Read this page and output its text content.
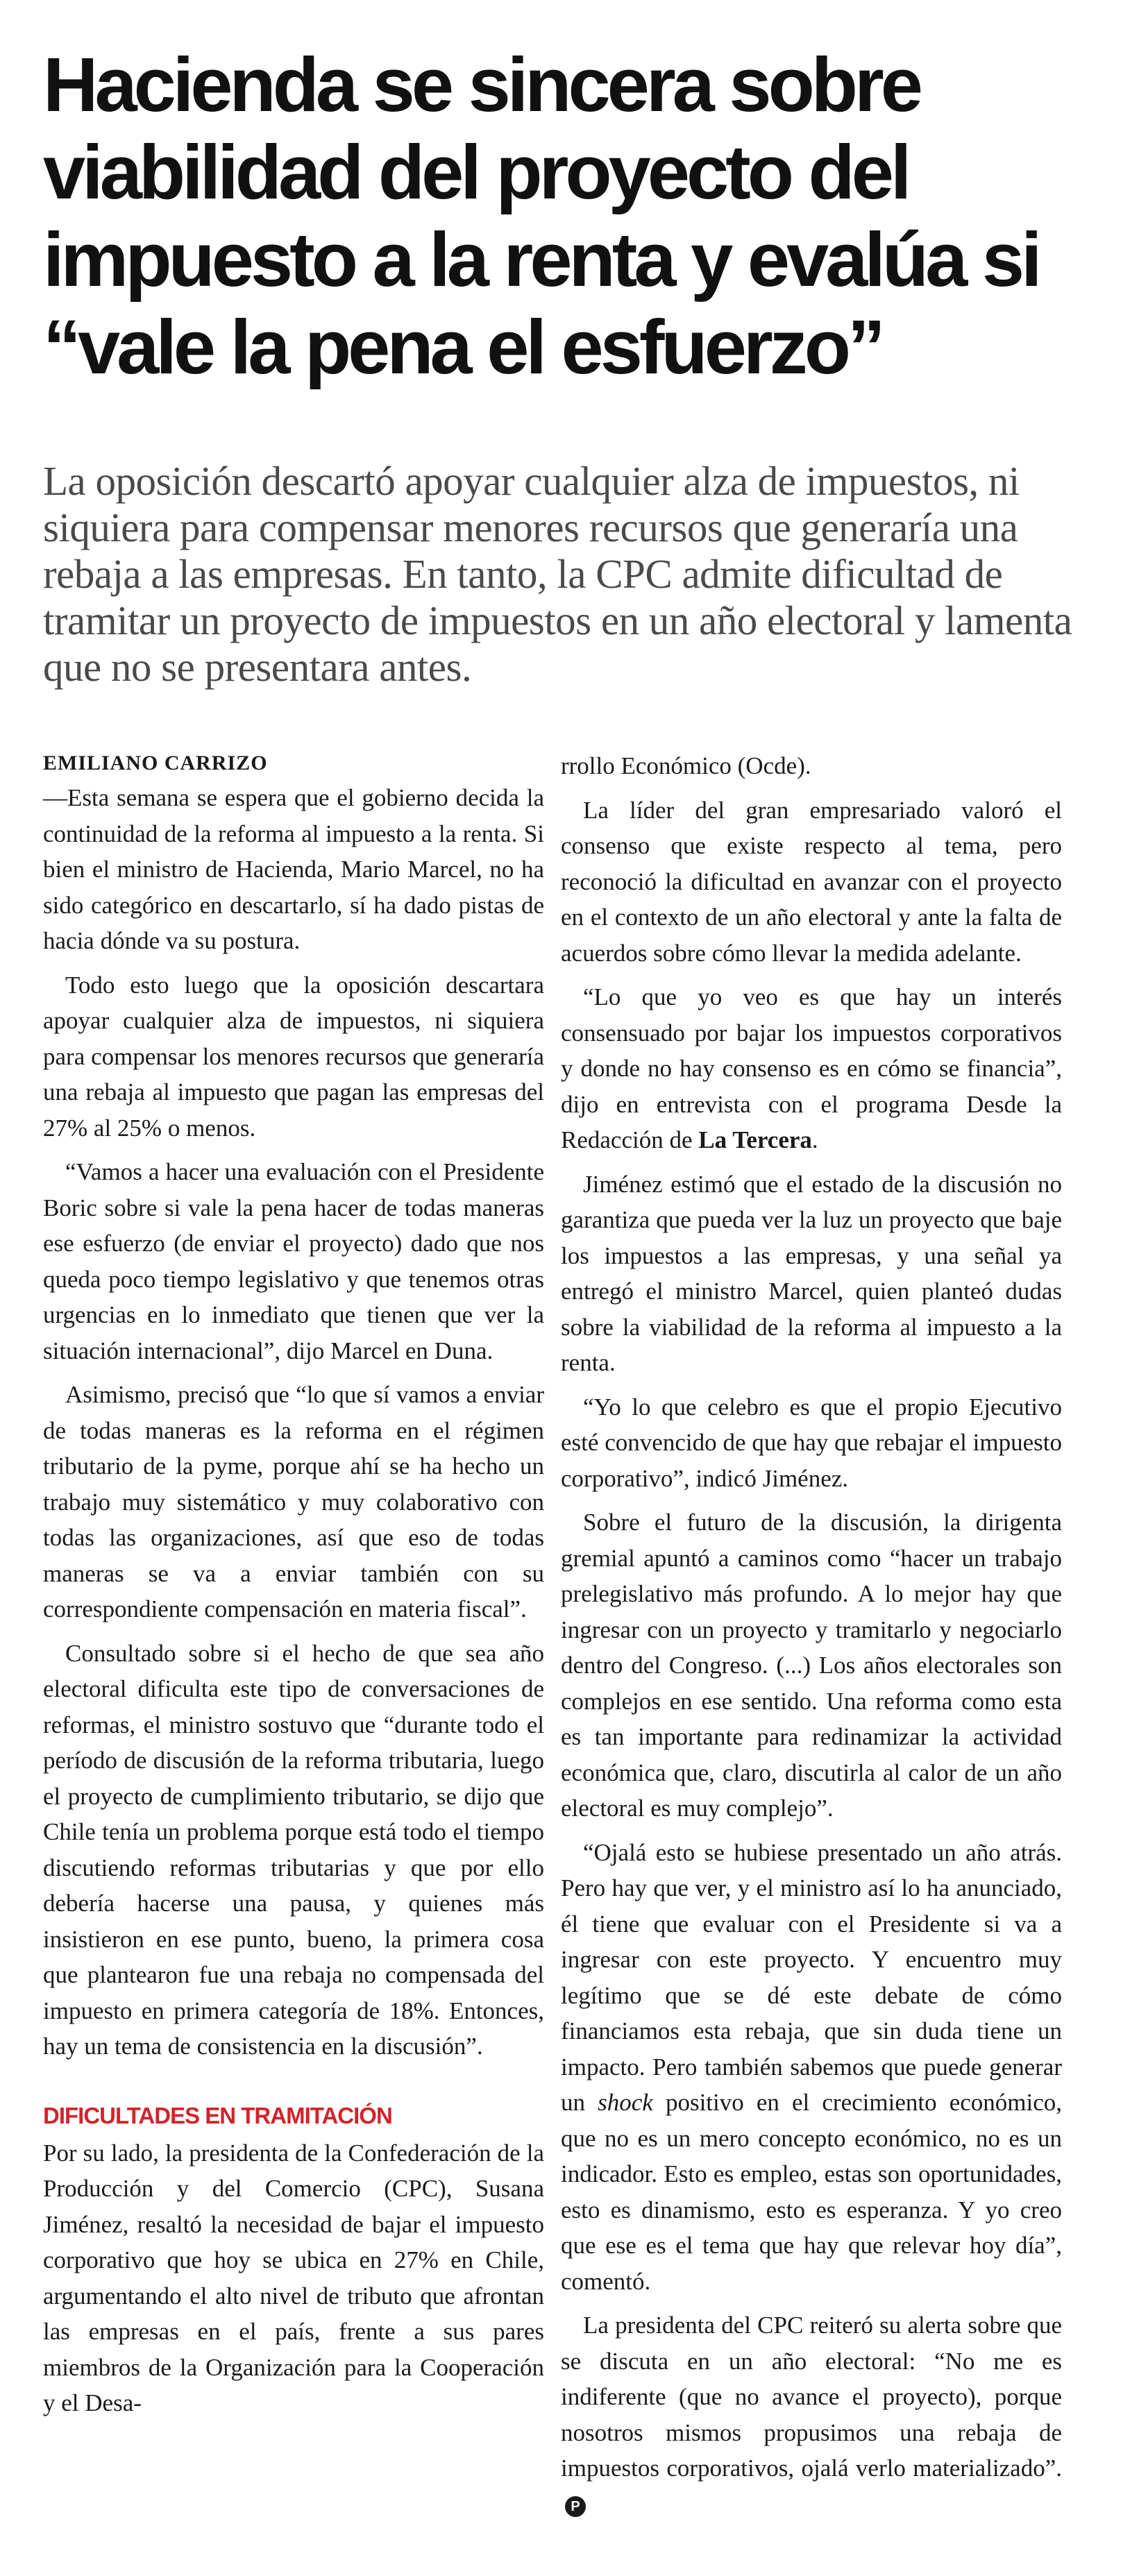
Hacienda se sincera sobre viabilidad del proyecto del impuesto a la renta y evalúa si “vale la pena el esfuerzo”

La oposición descartó apoyar cualquier alza de impuestos, ni siquiera para compensar menores recursos que generaría una rebaja a las empresas. En tanto, la CPC admite dificultad de tramitar un proyecto de impuestos en un año electoral y lamenta que no se presentara antes.

EMILIANO CARRIZO

—Esta semana se espera que el gobierno decida la continuidad de la reforma al impuesto a la renta. Si bien el ministro de Hacienda, Mario Marcel, no ha sido categórico en descartarlo, sí ha dado pistas de hacia dónde va su postura.

Todo esto luego que la oposición descartara apoyar cualquier alza de impuestos, ni siquiera para compensar los menores recursos que generaría una rebaja al impuesto que pagan las empresas del 27% al 25% o menos.

“Vamos a hacer una evaluación con el Presidente Boric sobre si vale la pena hacer de todas maneras ese esfuerzo (de enviar el proyecto) dado que nos queda poco tiempo legislativo y que tenemos otras urgencias en lo inmediato que tienen que ver la situación internacional”, dijo Marcel en Duna.

Asimismo, precisó que “lo que sí vamos a enviar de todas maneras es la reforma en el régimen tributario de la pyme, porque ahí se ha hecho un trabajo muy sistemático y muy colaborativo con todas las organizaciones, así que eso de todas maneras se va a enviar también con su correspondiente compensación en materia fiscal”.

Consultado sobre si el hecho de que sea año electoral dificulta este tipo de conversaciones de reformas, el ministro sostuvo que “durante todo el período de discusión de la reforma tributaria, luego el proyecto de cumplimiento tributario, se dijo que Chile tenía un problema porque está todo el tiempo discutiendo reformas tributarias y que por ello debería hacerse una pausa, y quienes más insistieron en ese punto, bueno, la primera cosa que plantearon fue una rebaja no compensada del impuesto en primera categoría de 18%. Entonces, hay un tema de consistencia en la discusión”.

DIFICULTADES EN TRAMITACIÓN

Por su lado, la presidenta de la Confederación de la Producción y del Comercio (CPC), Susana Jiménez, resaltó la necesidad de bajar el impuesto corporativo que hoy se ubica en 27% en Chile, argumentando el alto nivel de tributo que afrontan las empresas en el país, frente a sus pares miembros de la Organización para la Cooperación y el Desa-

rrollo Económico (Ocde).

La líder del gran empresariado valoró el consenso que existe respecto al tema, pero reconoció la dificultad en avanzar con el proyecto en el contexto de un año electoral y ante la falta de acuerdos sobre cómo llevar la medida adelante.

“Lo que yo veo es que hay un interés consensuado por bajar los impuestos corporativos y donde no hay consenso es en cómo se financia”, dijo en entrevista con el programa Desde la Redacción de La Tercera.

Jiménez estimó que el estado de la discusión no garantiza que pueda ver la luz un proyecto que baje los impuestos a las empresas, y una señal ya entregó el ministro Marcel, quien planteó dudas sobre la viabilidad de la reforma al impuesto a la renta.

“Yo lo que celebro es que el propio Ejecutivo esté convencido de que hay que rebajar el impuesto corporativo”, indicó Jiménez.

Sobre el futuro de la discusión, la dirigenta gremial apuntó a caminos como “hacer un trabajo prelegislativo más profundo. A lo mejor hay que ingresar con un proyecto y tramitarlo y negociarlo dentro del Congreso. (...) Los años electorales son complejos en ese sentido. Una reforma como esta es tan importante para redinamizar la actividad económica que, claro, discutirla al calor de un año electoral es muy complejo”.

“Ojalá esto se hubiese presentado un año atrás. Pero hay que ver, y el ministro así lo ha anunciado, él tiene que evaluar con el Presidente si va a ingresar con este proyecto. Y encuentro muy legítimo que se dé este debate de cómo financiamos esta rebaja, que sin duda tiene un impacto. Pero también sabemos que puede generar un shock positivo en el crecimiento económico, que no es un mero concepto económico, no es un indicador. Esto es empleo, estas son oportunidades, esto es dinamismo, esto es esperanza. Y yo creo que ese es el tema que hay que relevar hoy día”, comentó.

La presidenta del CPC reiteró su alerta sobre que se discuta en un año electoral: “No me es indiferente (que no avance el proyecto), porque nosotros mismos propusimos una rebaja de impuestos corporativos, ojalá verlo materializado”.P
